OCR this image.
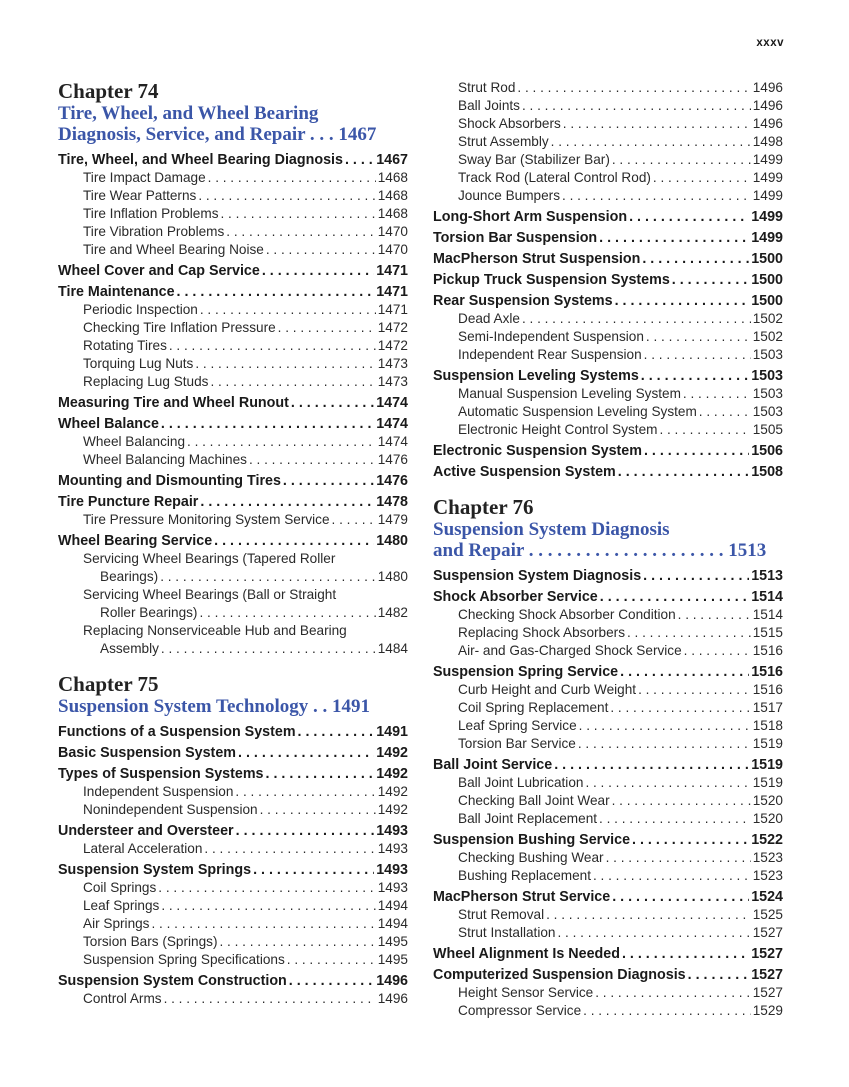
xxxv
Chapter 74
Tire, Wheel, and Wheel Bearing
Diagnosis, Service, and Repair . . . 1467
Tire, Wheel, and Wheel Bearing Diagnosis . . . 1467
Tire Impact Damage . . .	1468
Tire Wear Patterns . . .	1468
Tire Inflation Problems . . .	1468
Tire Vibration Problems . . .	1470
Tire and Wheel Bearing Noise . . .	1470
Wheel Cover and Cap Service . . .	1471
Tire Maintenance . . .	1471
Periodic Inspection . . .	1471
Checking Tire Inflation Pressure . . .	1472
Rotating Tires . . .	1472
Torquing Lug Nuts . . .	1473
Replacing Lug Studs . . .	1473
Measuring Tire and Wheel Runout . . .	1474
Wheel Balance . . .	1474
Wheel Balancing . . .	1474
Wheel Balancing Machines . . .	1476
Mounting and Dismounting Tires . . .	1476
Tire Puncture Repair . . .	1478
Tire Pressure Monitoring System Service . . .	1479
Wheel Bearing Service . . .	1480
Servicing Wheel Bearings (Tapered Roller
Bearings) . . .	1480
Servicing Wheel Bearings (Ball or Straight
Roller Bearings) . . .	1482
Replacing Nonserviceable Hub and Bearing
Assembly . . .	1484
Chapter 75
Suspension System Technology . . 1491
Functions of a Suspension System . . .	1491
Basic Suspension System . . .	1492
Types of Suspension Systems . . .	1492
Independent Suspension . . .	1492
Nonindependent Suspension . . .	1492
Understeer and Oversteer . . .	1493
Lateral Acceleration . . .	1493
Suspension System Springs . . .	1493
Coil Springs . . .	1493
Leaf Springs . . .	1494
Air Springs . . .	1494
Torsion Bars (Springs) . . .	1495
Suspension Spring Specifications . . .	1495
Suspension System Construction . . .	1496
Control Arms . . .	1496
Strut Rod . . .	1496
Ball Joints . . .	1496
Shock Absorbers . . .	1496
Strut Assembly . . .	1498
Sway Bar (Stabilizer Bar) . . .	1499
Track Rod (Lateral Control Rod) . . .	1499
Jounce Bumpers . . .	1499
Long-Short Arm Suspension . . .	1499
Torsion Bar Suspension . . .	1499
MacPherson Strut Suspension . . .	1500
Pickup Truck Suspension Systems . . .	1500
Rear Suspension Systems . . .	1500
Dead Axle . . .	1502
Semi-Independent Suspension . . .	1502
Independent Rear Suspension . . .	1503
Suspension Leveling Systems . . .	1503
Manual Suspension Leveling System . . .	1503
Automatic Suspension Leveling System . . .	1503
Electronic Height Control System . . .	1505
Electronic Suspension System . . .	1506
Active Suspension System . . .	1508
Chapter 76
Suspension System Diagnosis
and Repair . . . . . . . . . . . . . . . . . . . . . 1513
Suspension System Diagnosis . . .	1513
Shock Absorber Service . . .	1514
Checking Shock Absorber Condition . . .	1514
Replacing Shock Absorbers . . .	1515
Air- and Gas-Charged Shock Service . . .	1516
Suspension Spring Service . . .	1516
Curb Height and Curb Weight . . .	1516
Coil Spring Replacement . . .	1517
Leaf Spring Service . . .	1518
Torsion Bar Service . . .	1519
Ball Joint Service . . .	1519
Ball Joint Lubrication . . .	1519
Checking Ball Joint Wear . . .	1520
Ball Joint Replacement . . .	1520
Suspension Bushing Service . . .	1522
Checking Bushing Wear . . .	1523
Bushing Replacement . . .	1523
MacPherson Strut Service . . .	1524
Strut Removal . . .	1525
Strut Installation . . .	1527
Wheel Alignment Is Needed . . .	1527
Computerized Suspension Diagnosis . . .	1527
Height Sensor Service . . .	1527
Compressor Service . . .	1529
